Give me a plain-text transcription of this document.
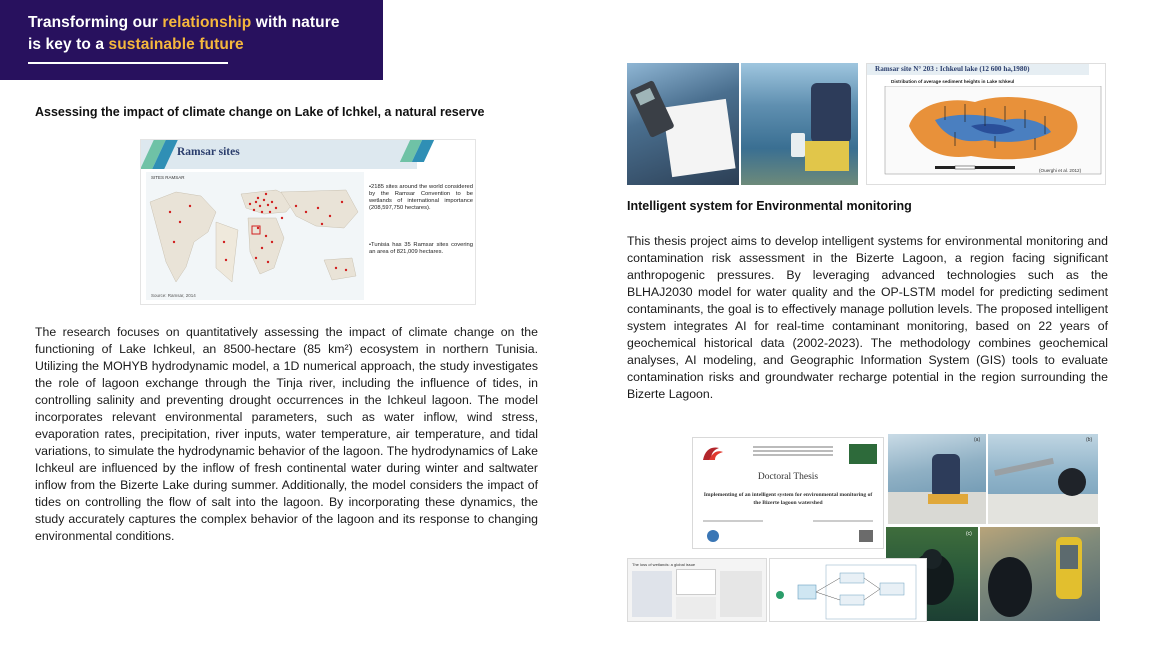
Transforming our relationship with nature
is key to a sustainable future
Assessing the impact of climate change on Lake of Ichkel, a natural reserve
Ramsar sites
SITES RAMSAR
•2185 sites around the world considered by the Ramsar Convention to be wetlands of international importance (208,597,750 hectares).
•Tunisia has 35 Ramsar sites covering an area of 821,009 hectares.
Source: Ramsar, 2014
The research focuses on quantitatively assessing the impact of climate change on the functioning of Lake Ichkeul, an 8500-hectare (85 km²) ecosystem in northern Tunisia. Utilizing the MOHYB hydrodynamic model, a 1D numerical approach, the study investigates the role of lagoon exchange through the Tinja river, including the influence of tides, in controlling salinity and preventing drought occurrences in the Ichkeul lagoon. The model incorporates relevant environmental parameters, such as water inflow, wind stress, evaporation rates, precipitation, river inputs, water temperature, air temperature, and tidal variations, to simulate the hydrodynamic behavior of the lagoon. The hydrodynamics of Lake Ichkeul are influenced by the inflow of fresh continental water during winter and saltwater inflow from the Bizerte Lake during summer. Additionally, the model considers the impact of tides on controlling the flow of salt into the lagoon. By incorporating these dynamics, the study accurately captures the complex behavior of the lagoon and its response to changing environmental conditions.
Ramsar site N° 203 : Ichkeul lake (12 600 ha,1980)
Distribution of average sediment heights in Lake Ichkeul
(Ouerghi et al. 2012)
Intelligent system for Environmental monitoring
This thesis project aims to develop intelligent systems for environmental monitoring and contamination risk assessment in the Bizerte Lagoon, a region facing significant anthropogenic pressures. By leveraging advanced technologies such as the BLHAJ2030 model for water quality and the OP-LSTM model for predicting sediment contaminants, the goal is to effectively manage pollution levels. The proposed intelligent system integrates AI for real-time contaminant monitoring, based on 22 years of geochemical historical data (2002-2023). The methodology combines geochemical analyses, AI modeling, and Geographic Information System (GIS) tools to evaluate contamination risks and groundwater recharge potential in the region surrounding the Bizerte Lagoon.
Doctoral Thesis
Implementing of an intelligent system for environmental monitoring of the Bizerte lagoon watershed
(a)	(b)
(c)
The loss of wetlands: a global issue
